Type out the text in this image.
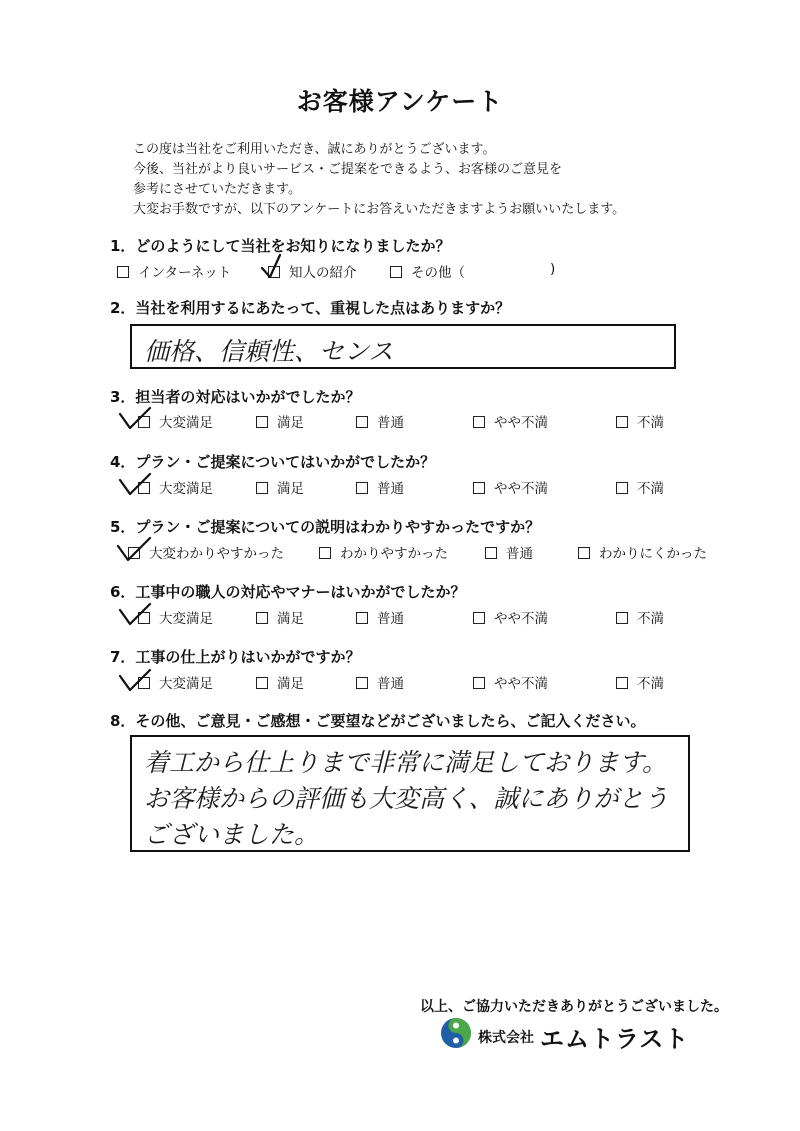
お客様アンケート
この度は当社をご利用いただき、誠にありがとうございます。
今後、当社がより良いサービス・ご提案をできるよう、お客様のご意見を
参考にさせていただきます。
大変お手数ですが、以下のアンケートにお答えいただきますようお願いいたします。
1．どのようにして当社をお知りになりましたか？
インターネット	知人の紹介	その他（	)
2．当社を利用するにあたって、重視した点はありますか？
価格、信頼性、センス
3．担当者の対応はいかがでしたか？
大変満足	満足	普通	やや不満	不満
4．プラン・ご提案についてはいかがでしたか？
大変満足	満足	普通	やや不満	不満
5．プラン・ご提案についての説明はわかりやすかったですか？
大変わかりやすかった	わかりやすかった	普通	わかりにくかった
6．工事中の職人の対応やマナーはいかがでしたか？
大変満足	満足	普通	やや不満	不満
7．工事の仕上がりはいかがですか？
大変満足	満足	普通	やや不満	不満
8．その他、ご意見・ご感想・ご要望などがございましたら、ご記入ください。
着工から仕上りまで非常に満足しております。
お客様からの評価も大変高く、誠にありがとう
ございました。
以上、ご協力いただきありがとうございました。
株式会社 エムトラスト
